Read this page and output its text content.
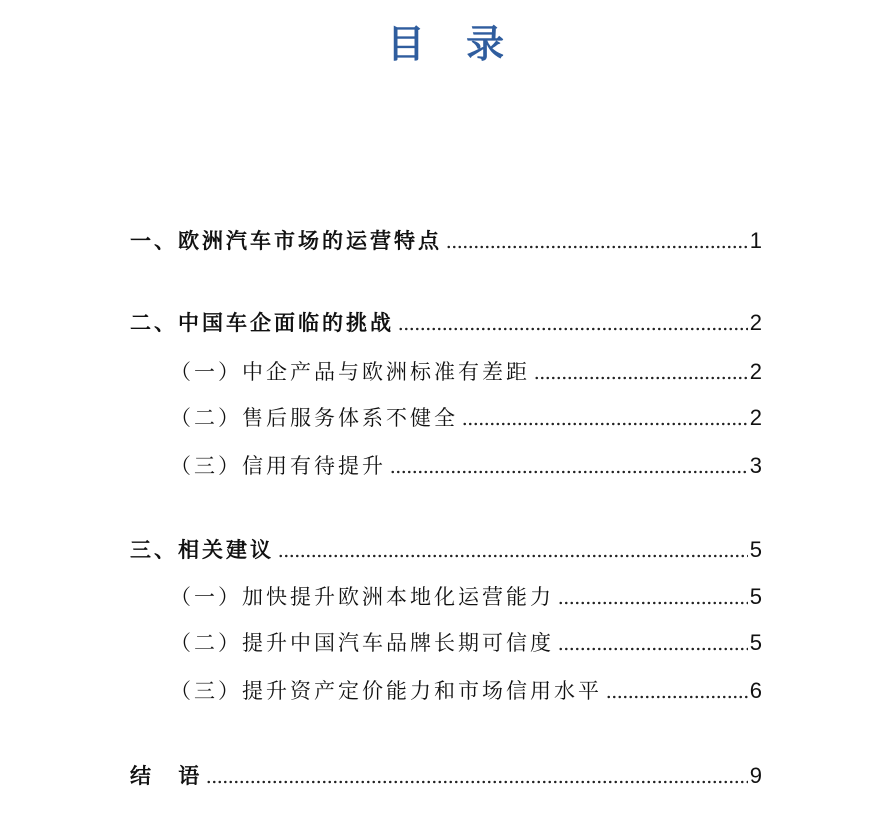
目 录
一、欧洲汽车市场的运营特点	1
二、中国车企面临的挑战	2
（一）中企产品与欧洲标准有差距	2
（二）售后服务体系不健全	2
（三）信用有待提升	3
三、相关建议	5
（一）加快提升欧洲本地化运营能力	5
（二）提升中国汽车品牌长期可信度	5
（三）提升资产定价能力和市场信用水平	6
结 语	9
